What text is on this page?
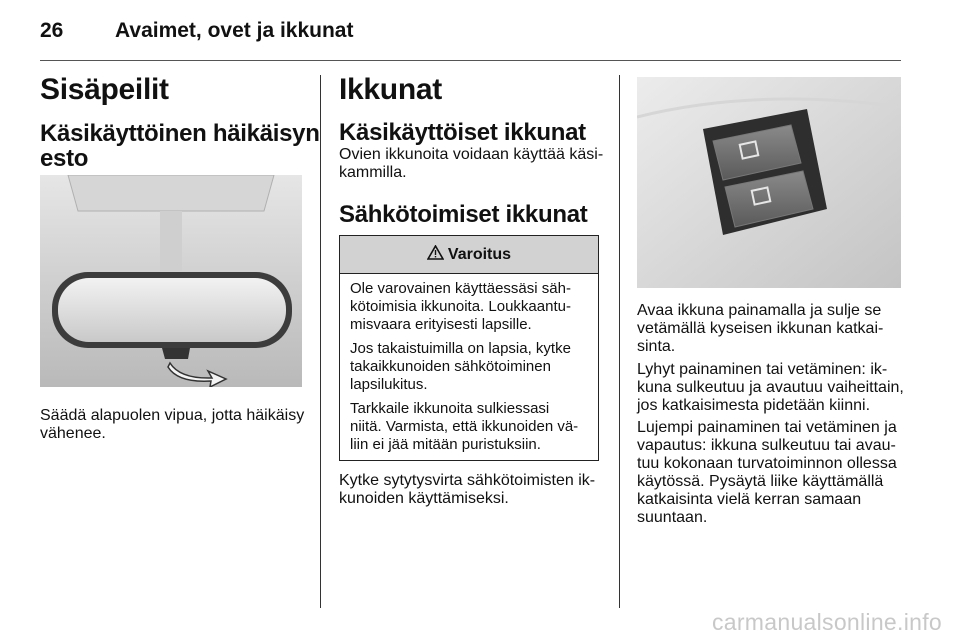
26 Avaimet, ovet ja ikkunat
Sisäpeilit
Käsikäyttöinen häikäisyn
esto
Säädä alapuolen vipua, jotta häikäisy
vähenee.
Ikkunat
Käsikäyttöiset ikkunat
Ovien ikkunoita voidaan käyttää käsi-
kammilla.
Sähkötoimiset ikkunat
Varoitus

Ole varovainen käyttäessäsi säh-
kötoimisia ikkunoita. Loukkaantu-
misvaara erityisesti lapsille.

Jos takaistuimilla on lapsia, kytke
takaikkunoiden sähkötoiminen
lapsilukitus.

Tarkkaile ikkunoita sulkiessasi
niitä. Varmista, että ikkunoiden vä-
liin ei jää mitään puristuksiin.

Kytke sytytysvirta sähkötoimisten ik-
kunoiden käyttämiseksi.
Avaa ikkuna painamalla ja sulje se
vetämällä kyseisen ikkunan katkai-
sinta.
Lyhyt painaminen tai vetäminen: ik-
kuna sulkeutuu ja avautuu vaiheittain,
jos katkaisimesta pidetään kiinni.
Lujempi painaminen tai vetäminen ja
vapautus: ikkuna sulkeutuu tai avau-
tuu kokonaan turvatoiminnon ollessa
käytössä. Pysäytä liike käyttämällä
katkaisinta vielä kerran samaan
suuntaan.
carmanualsonline.info
